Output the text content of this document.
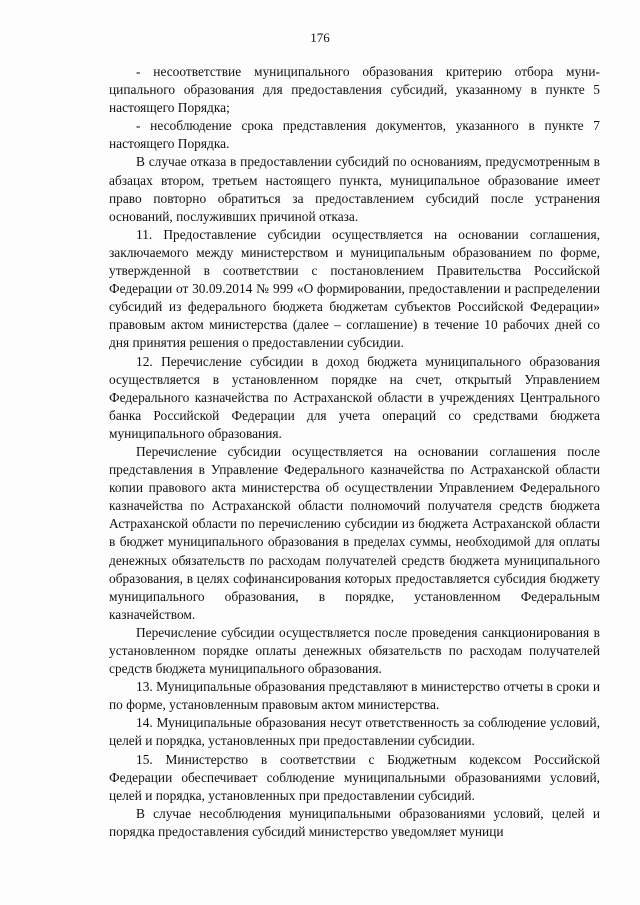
176

- несоответствие муниципального образования критерию отбора муниципального образования для предоставления субсидий, указанному в пункте 5 настоящего Порядка;

- несоблюдение срока представления документов, указанного в пункте 7 настоящего Порядка.

В случае отказа в предоставлении субсидий по основаниям, предусмотренным в абзацах втором, третьем настоящего пункта, муниципальное образование имеет право повторно обратиться за предоставлением субсидий после устранения оснований, послуживших причиной отказа.

11. Предоставление субсидии осуществляется на основании соглашения, заключаемого между министерством и муниципальным образованием по форме, утвержденной в соответствии с постановлением Правительства Российской Федерации от 30.09.2014 № 999 «О формировании, предоставлении и распределении субсидий из федерального бюджета бюджетам субъектов Российской Федерации» правовым актом министерства (далее – соглашение) в течение 10 рабочих дней со дня принятия решения о предоставлении субсидии.

12. Перечисление субсидии в доход бюджета муниципального образования осуществляется в установленном порядке на счет, открытый Управлением Федерального казначейства по Астраханской области в учреждениях Центрального банка Российской Федерации для учета операций со средствами бюджета муниципального образования.

Перечисление субсидии осуществляется на основании соглашения после представления в Управление Федерального казначейства по Астраханской области копии правового акта министерства об осуществлении Управлением Федерального казначейства по Астраханской области полномочий получателя средств бюджета Астраханской области по перечислению субсидии из бюджета Астраханской области в бюджет муниципального образования в пределах суммы, необходимой для оплаты денежных обязательств по расходам получателей средств бюджета муниципального образования, в целях софинансирования которых предоставляется субсидия бюджету муниципального образования, в порядке, установленном Федеральным казначейством.

Перечисление субсидии осуществляется после проведения санкционирования в установленном порядке оплаты денежных обязательств по расходам получателей средств бюджета муниципального образования.

13. Муниципальные образования представляют в министерство отчеты в сроки и по форме, установленным правовым актом министерства.

14. Муниципальные образования несут ответственность за соблюдение условий, целей и порядка, установленных при предоставлении субсидии.

15. Министерство в соответствии с Бюджетным кодексом Российской Федерации обеспечивает соблюдение муниципальными образованиями условий, целей и порядка, установленных при предоставлении субсидий.

В случае несоблюдения муниципальными образованиями условий, целей и порядка предоставления субсидий министерство уведомляет муници
